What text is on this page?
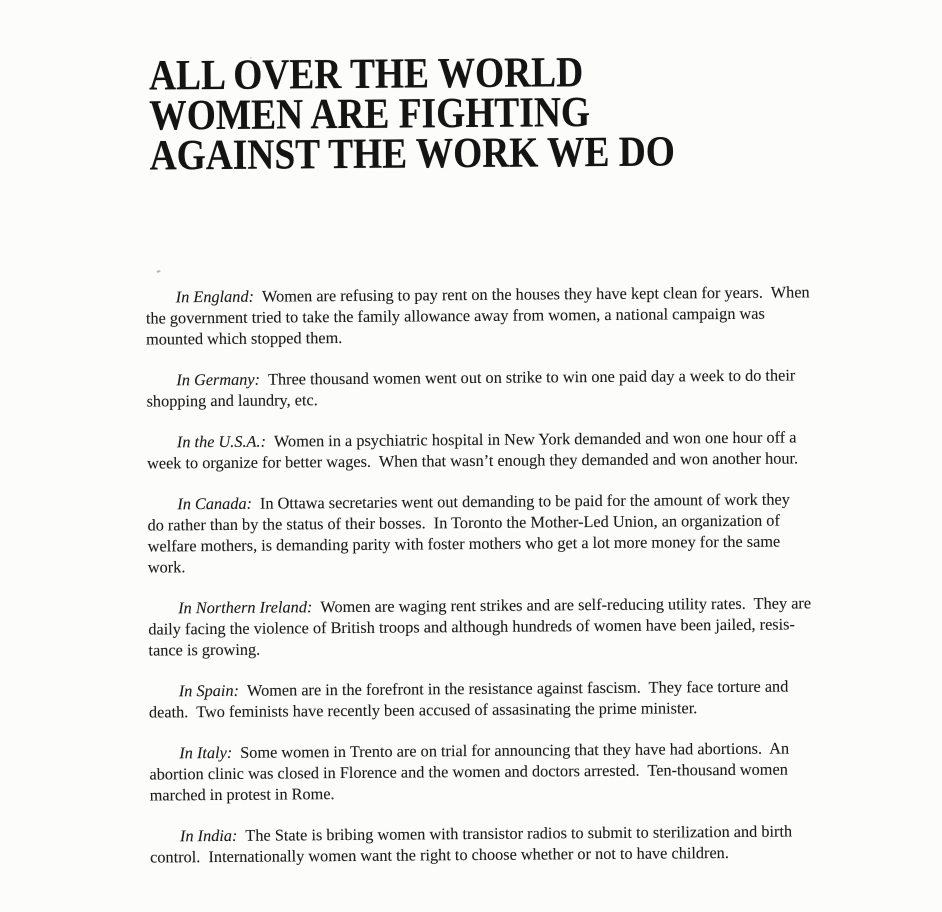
ALL OVER THE WORLD
WOMEN ARE FIGHTING
AGAINST THE WORK WE DO

In England: Women are refusing to pay rent on the houses they have kept clean for years.  When
the government tried to take the family allowance away from women, a national campaign was
mounted which stopped them.

In Germany: Three thousand women went out on strike to win one paid day a week to do their
shopping and laundry, etc.

In the U.S.A.: Women in a psychiatric hospital in New York demanded and won one hour off a
week to organize for better wages.  When that wasn’t enough they demanded and won another hour.

In Canada: In Ottawa secretaries went out demanding to be paid for the amount of work they
do rather than by the status of their bosses.  In Toronto the Mother-Led Union, an organization of
welfare mothers, is demanding parity with foster mothers who get a lot more money for the same
work.

In Northern Ireland: Women are waging rent strikes and are self-reducing utility rates.  They are
daily facing the violence of British troops and although hundreds of women have been jailed, resis-
tance is growing.

In Spain: Women are in the forefront in the resistance against fascism.  They face torture and
death.  Two feminists have recently been accused of assasinating the prime minister.

In Italy: Some women in Trento are on trial for announcing that they have had abortions.  An
abortion clinic was closed in Florence and the women and doctors arrested.  Ten-thousand women
marched in protest in Rome.

In India: The State is bribing women with transistor radios to submit to sterilization and birth
control.  Internationally women want the right to choose whether or not to have children.
